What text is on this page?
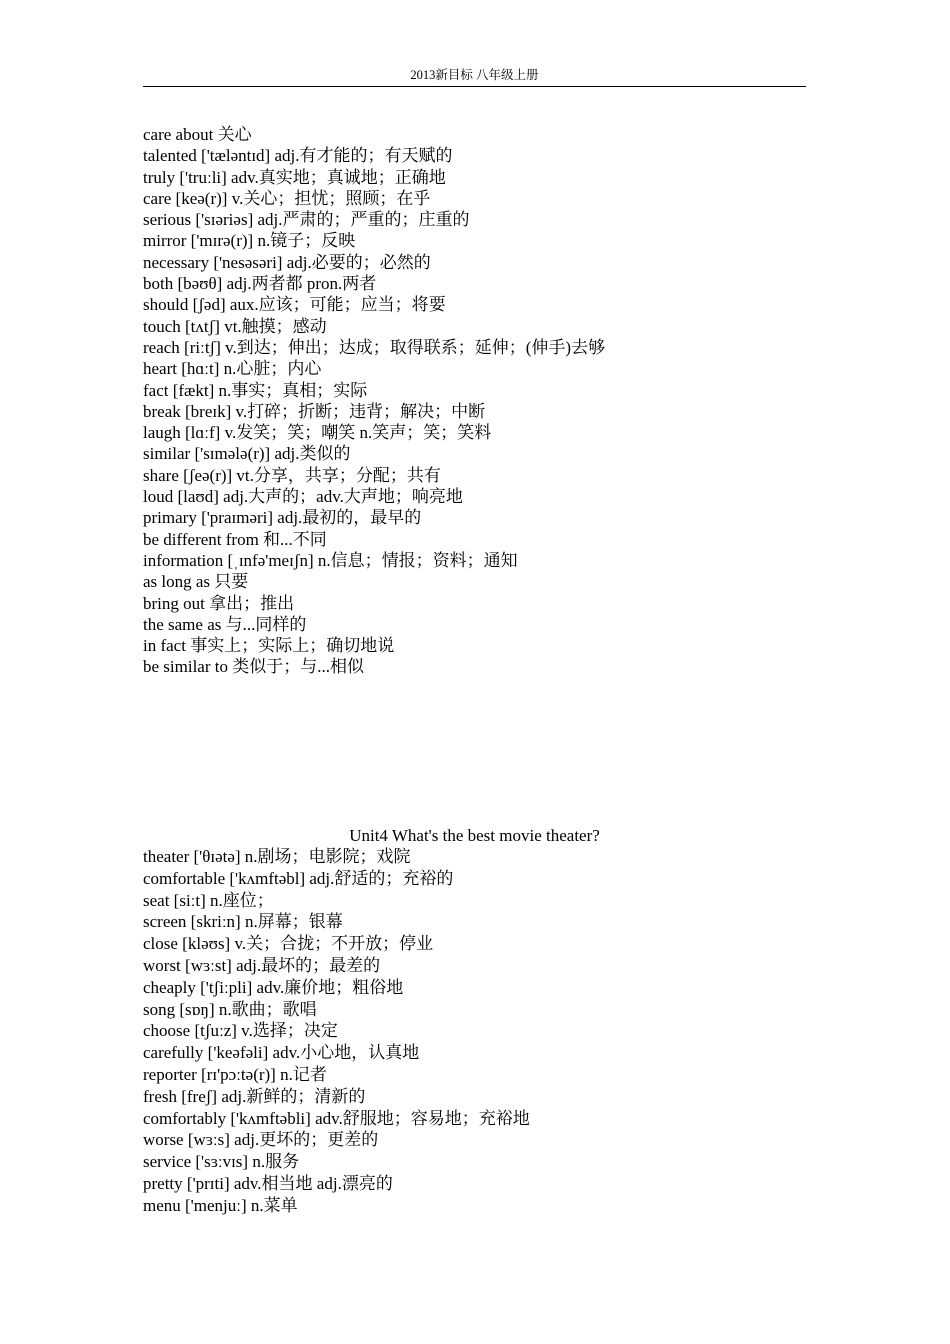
2013新目标 八年级上册
care about 关心
talented ['tæləntɪd] adj.有才能的；有天赋的
truly ['truːli] adv.真实地；真诚地；正确地
care [keə(r)] v.关心；担忧；照顾；在乎
serious ['sɪəriəs] adj.严肃的；严重的；庄重的
mirror ['mɪrə(r)] n.镜子；反映
necessary ['nesəsəri] adj.必要的；必然的
both [bəʊθ] adj.两者都 pron.两者
should [ʃəd] aux.应该；可能；应当；将要
touch [tʌtʃ] vt.触摸；感动
reach [riːtʃ] v.到达；伸出；达成；取得联系；延伸；(伸手)去够
heart [hɑːt] n.心脏；内心
fact [fækt] n.事实；真相；实际
break [breɪk] v.打碎；折断；违背；解决；中断
laugh [lɑːf] v.发笑；笑；嘲笑 n.笑声；笑；笑料
similar ['sɪmələ(r)] adj.类似的
share [ʃeə(r)] vt.分享，共享；分配；共有
loud [laʊd] adj.大声的；adv.大声地；响亮地
primary ['praɪməri] adj.最初的，最早的
be different from 和...不同
information [ˌɪnfə'meɪʃn] n.信息；情报；资料；通知
as long as 只要
bring out 拿出；推出
the same as 与...同样的
in fact 事实上；实际上；确切地说
be similar to 类似于；与...相似
Unit4 What's the best movie theater?
theater ['θɪətə] n.剧场；电影院；戏院
comfortable ['kʌmftəbl] adj.舒适的；充裕的
seat [siːt] n.座位；
screen [skriːn] n.屏幕；银幕
close [kləʊs] v.关；合拢；不开放；停业
worst [wɜːst] adj.最坏的；最差的
cheaply ['tʃiːpli] adv.廉价地；粗俗地
song [sɒŋ] n.歌曲；歌唱
choose [tʃuːz] v.选择；决定
carefully ['keəfəli] adv.小心地，认真地
reporter [rɪ'pɔːtə(r)] n.记者
fresh [freʃ] adj.新鲜的；清新的
comfortably ['kʌmftəbli] adv.舒服地；容易地；充裕地
worse [wɜːs] adj.更坏的；更差的
service ['sɜːvɪs] n.服务
pretty ['prɪti] adv.相当地 adj.漂亮的
menu ['menjuː] n.菜单
